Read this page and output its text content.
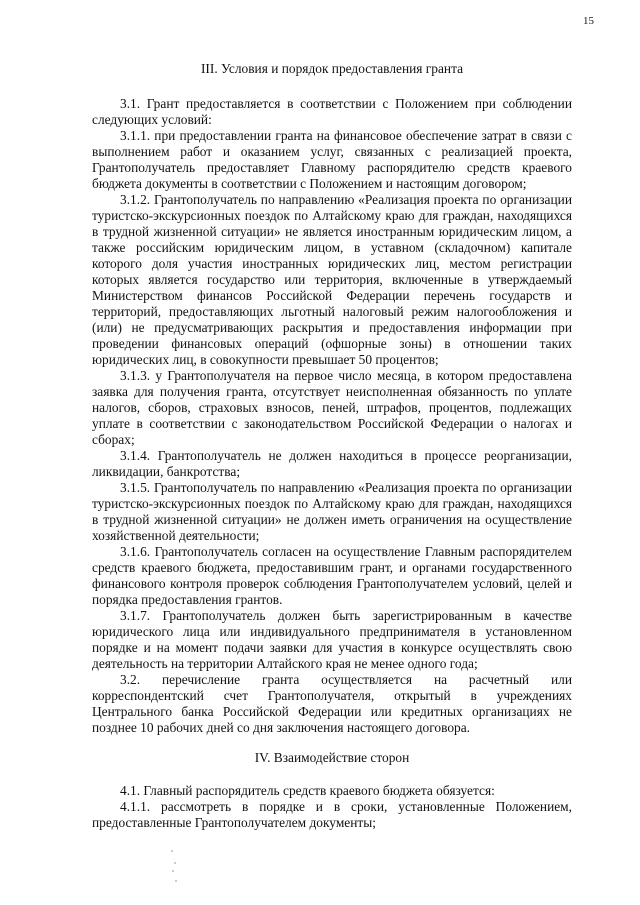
15
III. Условия и порядок предоставления гранта

3.1. Грант предоставляется в соответствии с Положением при соблюдении следующих условий:

3.1.1. при предоставлении гранта на финансовое обеспечение затрат в связи с выполнением работ и оказанием услуг, связанных с реализацией проекта, Грантополучатель предоставляет Главному распорядителю средств краевого бюджета документы в соответствии с Положением и настоящим договором;

3.1.2. Грантополучатель по направлению «Реализация проекта по организации туристско-экскурсионных поездок по Алтайскому краю для граждан, находящихся в трудной жизненной ситуации» не является иностранным юридическим лицом, а также российским юридическим лицом, в уставном (складочном) капитале которого доля участия иностранных юридических лиц, местом регистрации которых является государство или территория, включенные в утверждаемый Министерством финансов Российской Федерации перечень государств и территорий, предоставляющих льготный налоговый режим налогообложения и (или) не предусматривающих раскрытия и предоставления информации при проведении финансовых операций (офшорные зоны) в отношении таких юридических лиц, в совокупности превышает 50 процентов;

3.1.3. у Грантополучателя на первое число месяца, в котором предоставлена заявка для получения гранта, отсутствует неисполненная обязанность по уплате налогов, сборов, страховых взносов, пеней, штрафов, процентов, подлежащих уплате в соответствии с законодательством Российской Федерации о налогах и сборах;

3.1.4. Грантополучатель не должен находиться в процессе реорганизации, ликвидации, банкротства;

3.1.5. Грантополучатель по направлению «Реализация проекта по организации туристско-экскурсионных поездок по Алтайскому краю для граждан, находящихся в трудной жизненной ситуации» не должен иметь ограничения на осуществление хозяйственной деятельности;

3.1.6. Грантополучатель согласен на осуществление Главным распорядителем средств краевого бюджета, предоставившим грант, и органами государственного финансового контроля проверок соблюдения Грантополучателем условий, целей и порядка предоставления грантов.

3.1.7. Грантополучатель должен быть зарегистрированным в качестве юридического лица или индивидуального предпринимателя в установленном порядке и на момент подачи заявки для участия в конкурсе осуществлять свою деятельность на территории Алтайского края не менее одного года;

3.2. перечисление гранта осуществляется на расчетный или корреспондентский счет Грантополучателя, открытый в учреждениях Центрального банка Российской Федерации или кредитных организациях не позднее 10 рабочих дней со дня заключения настоящего договора.

IV. Взаимодействие сторон

4.1. Главный распорядитель средств краевого бюджета обязуется:

4.1.1. рассмотреть в порядке и в сроки, установленные Положением, предоставленные Грантополучателем документы;
